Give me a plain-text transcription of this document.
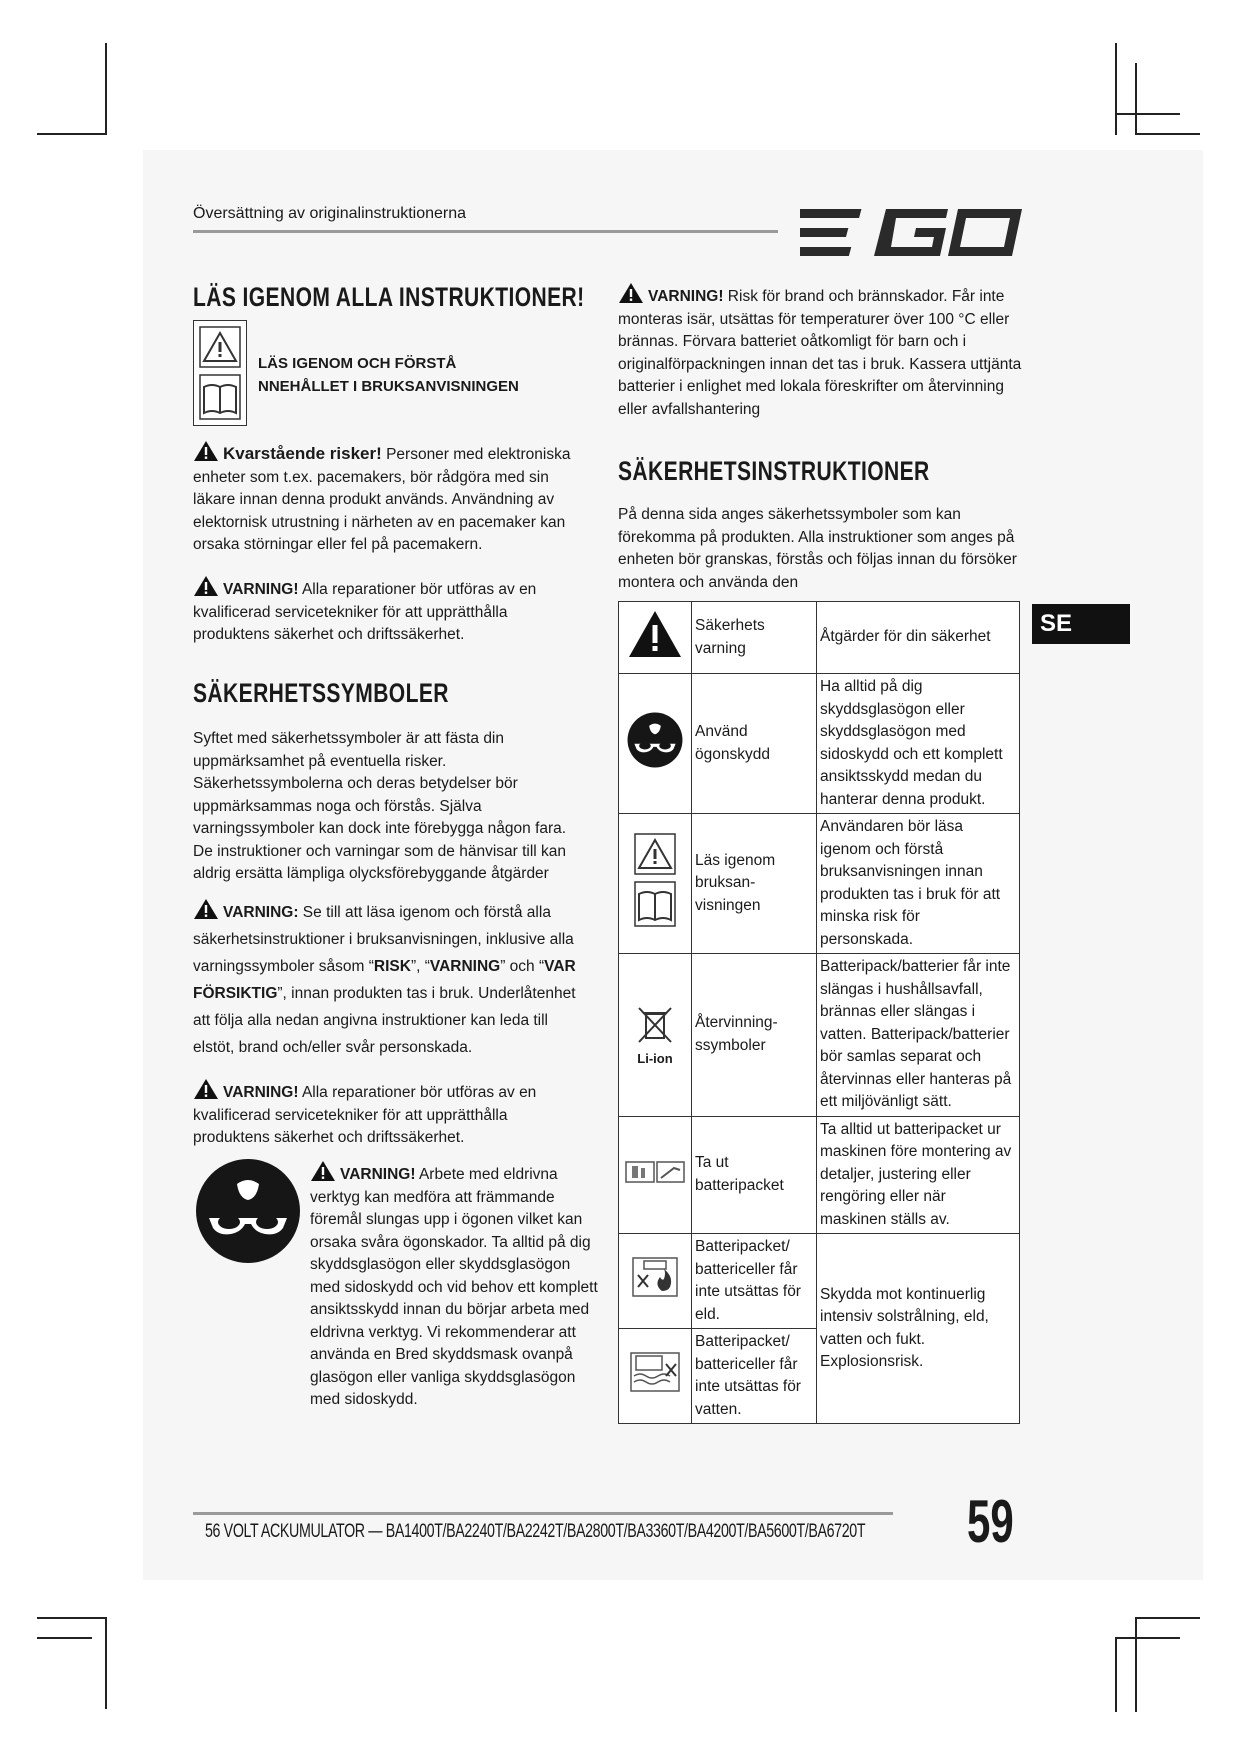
Översättning av originalinstruktionerna	EGO
LÄS IGENOM ALLA INSTRUKTIONER!
LÄS IGENOM OCH FÖRSTÅ
NNEHÅLLET I BRUKSANVISNINGEN
Kvarstående risker! Personer med elektroniska enheter som t.ex. pacemakers, bör rådgöra med sin läkare innan denna produkt används. Användning av elektornisk utrustning i närheten av en pacemaker kan orsaka störningar eller fel på pacemakern.
VARNING! Alla reparationer bör utföras av en kvalificerad servicetekniker för att upprätthålla produktens säkerhet och driftssäkerhet.
SÄKERHETSSYMBOLER
Syftet med säkerhetssymboler är att fästa din uppmärksamhet på eventuella risker. Säkerhetssymbolerna och deras betydelser bör uppmärksammas noga och förstås. Själva varningssymboler kan dock inte förebygga någon fara. De instruktioner och varningar som de hänvisar till kan aldrig ersätta lämpliga olycksförebyggande åtgärder
VARNING: Se till att läsa igenom och förstå alla säkerhetsinstruktioner i bruksanvisningen, inklusive alla varningssymboler såsom “RISK”, “VARNING” och “VAR FÖRSIKTIG”, innan produkten tas i bruk. Underlåtenhet att följa alla nedan angivna instruktioner kan leda till elstöt, brand och/eller svår personskada.
VARNING! Alla reparationer bör utföras av en kvalificerad servicetekniker för att upprätthålla produktens säkerhet och driftssäkerhet.
VARNING! Arbete med eldrivna verktyg kan medföra att främmande föremål slungas upp i ögonen vilket kan orsaka svåra ögonskador. Ta alltid på dig skyddsglasögon eller skyddsglasögon med sidoskydd och vid behov ett komplett ansiktsskydd innan du börjar arbeta med eldrivna verktyg. Vi rekommenderar att använda en Bred skyddsmask ovanpå glasögon eller vanliga skyddsglasögon med sidoskydd.
VARNING! Risk för brand och brännskador. Får inte monteras isär, utsättas för temperaturer över 100 °C eller brännas. Förvara batteriet oåtkomligt för barn och i originalförpackningen innan det tas i bruk. Kassera uttjänta batterier i enlighet med lokala föreskrifter om återvinning eller avfallshantering
SÄKERHETSINSTRUKTIONER
På denna sida anges säkerhetssymboler som kan förekomma på produkten. Alla instruktioner som anges på enheten bör granskas, förstås och följas innan du försöker montera och använda den
SE
	Säkerhets varning	Åtgärder för din säkerhet
	Använd ögonskydd	Ha alltid på dig skyddsglasögon eller skyddsglasögon med sidoskydd och ett komplett ansiktsskydd medan du hanterar denna produkt.
	Läs igenom bruksan-visningen	Användaren bör läsa igenom och förstå bruksanvisningen innan produkten tas i bruk för att minska risk för personskada.

Li-ion	Återvinning-ssymboler	Batteripack/batterier får inte slängas i hushållsavfall, brännas eller slängas i vatten. Batteripack/batterier bör samlas separat och återvinnas eller hanteras på ett miljövänligt sätt.
	Ta ut batteripacket	Ta alltid ut batteripacket ur maskinen före montering av detaljer, justering eller rengöring eller när maskinen ställs av.
	Batteripacket/ battericeller får inte utsättas för eld.	Skydda mot kontinuerlig intensiv solstrålning, eld, vatten och fukt. Explosionsrisk.
	Batteripacket/ battericeller får inte utsättas för vatten.	
56 VOLT ACKUMULATOR — BA1400T/BA2240T/BA2242T/BA2800T/BA3360T/BA4200T/BA5600T/BA6720T 59
